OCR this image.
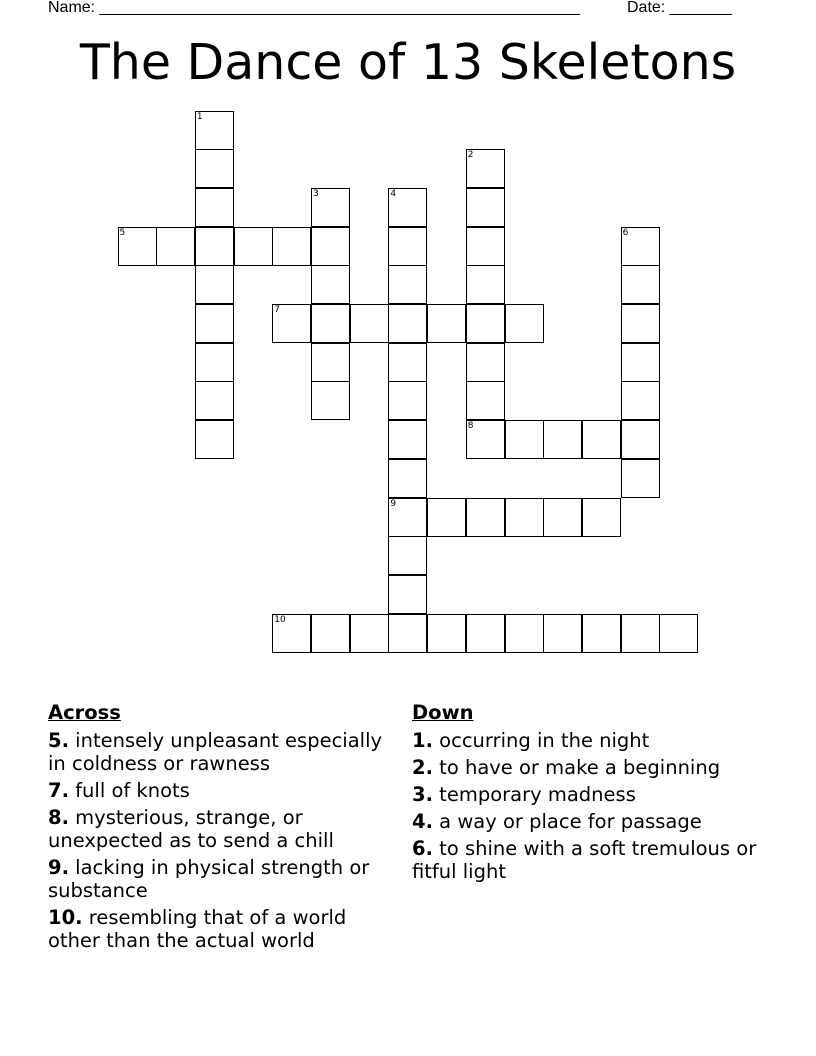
Name: ______________________________________________________	Date: _______
The Dance of 13 Skeletons
1
2
8
3	4
9
5	6
7
10
Across
5. intensely unpleasant especially in coldness or rawness
7. full of knots
8. mysterious, strange, or unexpected as to send a chill
9. lacking in physical strength or substance
10. resembling that of a world other than the actual world
Down
1. occurring in the night
2. to have or make a beginning
3. temporary madness
4. a way or place for passage
6. to shine with a soft tremulous or fitful light
